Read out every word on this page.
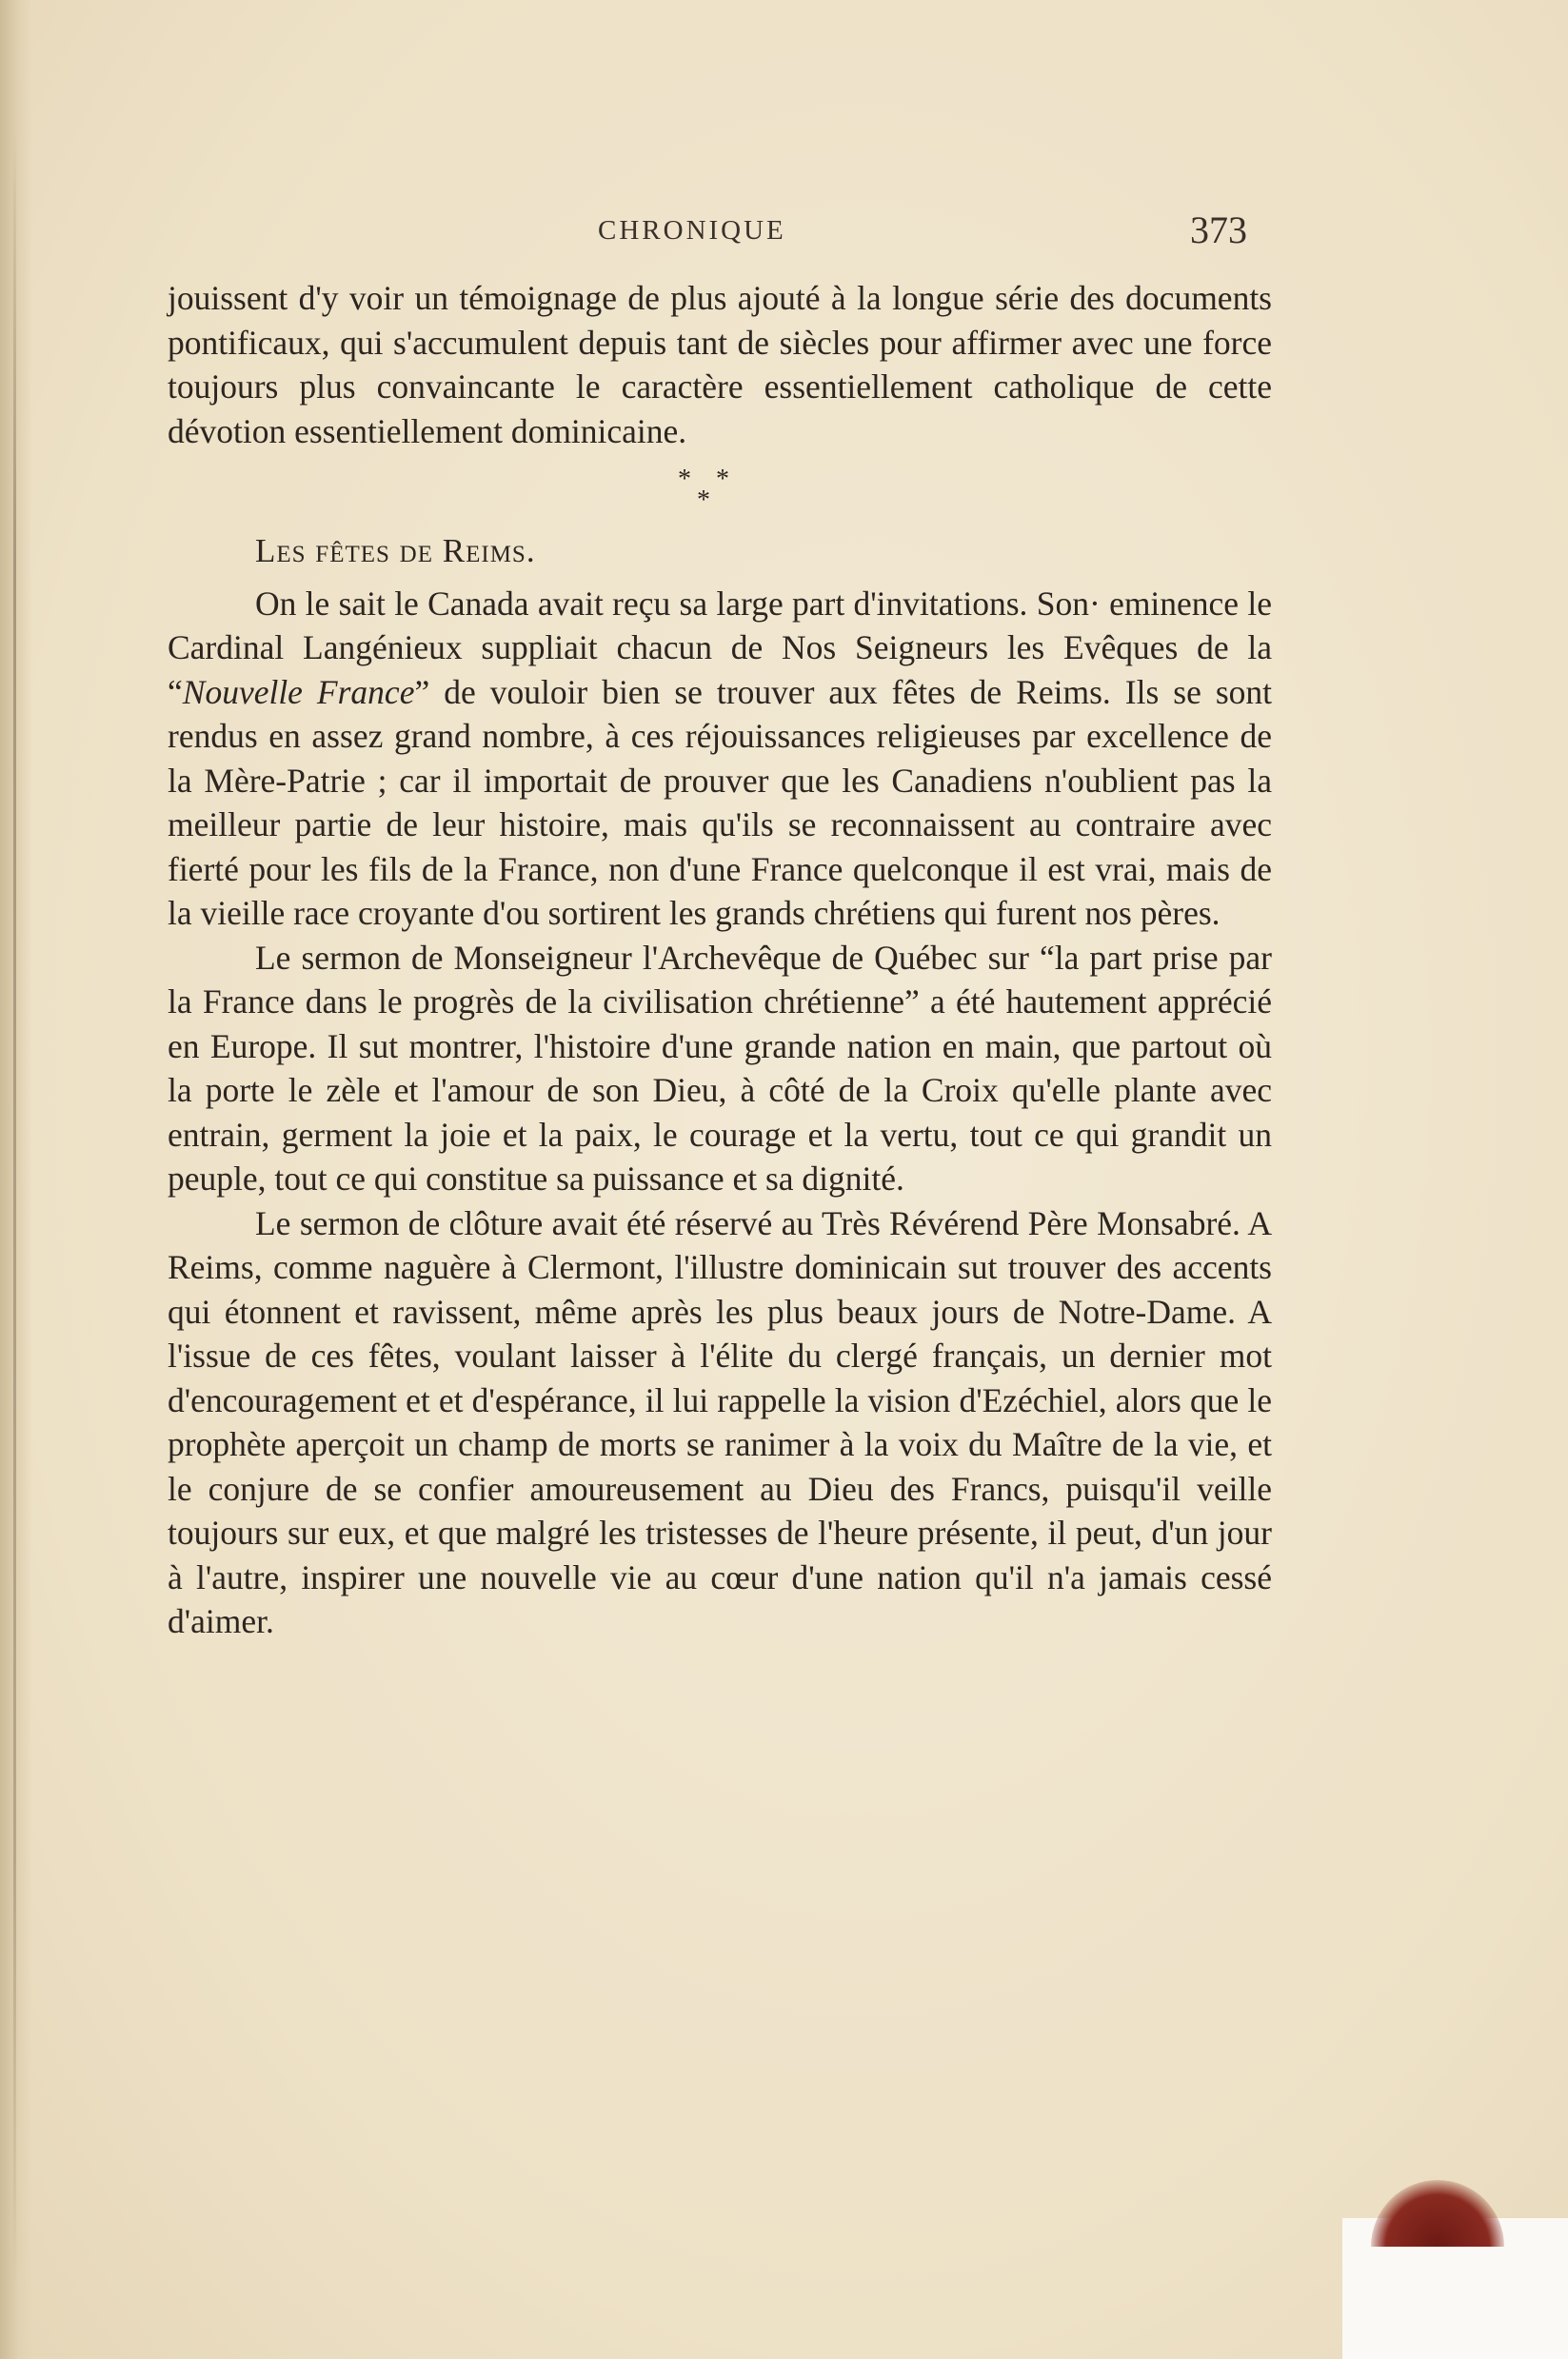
CHRONIQUE	373

jouissent d'y voir un témoignage de plus ajouté à la longue série des documents pontificaux, qui s'accumulent depuis tant de siècles pour affirmer avec une force toujours plus convaincante le caractère essentiellement catholique de cette dévotion essentiellement dominicaine.

* *
*
Les fêtes de Reims.

On le sait le Canada avait reçu sa large part d'invitations. Son· eminence le Cardinal Langénieux suppliait chacun de Nos Seigneurs les Evêques de la “Nouvelle France” de vouloir bien se trouver aux fêtes de Reims. Ils se sont rendus en assez grand nombre, à ces réjouissances religieuses par excellence de la Mère-Patrie ; car il importait de prouver que les Canadiens n'oublient pas la meilleur partie de leur histoire, mais qu'ils se reconnaissent au contraire avec fierté pour les fils de la France, non d'une France quelconque il est vrai, mais de la vieille race croyante d'ou sortirent les grands chrétiens qui furent nos pères.

Le sermon de Monseigneur l'Archevêque de Québec sur “la part prise par la France dans le progrès de la civilisation chrétienne” a été hautement apprécié en Europe. Il sut montrer, l'histoire d'une grande nation en main, que partout où la porte le zèle et l'amour de son Dieu, à côté de la Croix qu'elle plante avec entrain, germent la joie et la paix, le courage et la vertu, tout ce qui grandit un peuple, tout ce qui constitue sa puissance et sa dignité.

Le sermon de clôture avait été réservé au Très Révérend Père Monsabré. A Reims, comme naguère à Clermont, l'illustre dominicain sut trouver des accents qui étonnent et ravissent, même après les plus beaux jours de Notre-Dame. A l'issue de ces fêtes, voulant laisser à l'élite du clergé français, un dernier mot d'encouragement et et d'espérance, il lui rappelle la vision d'Ezéchiel, alors que le prophète aperçoit un champ de morts se ranimer à la voix du Maître de la vie, et le conjure de se confier amoureusement au Dieu des Francs, puisqu'il veille toujours sur eux, et que malgré les tristesses de l'heure présente, il peut, d'un jour à l'autre, inspirer une nouvelle vie au cœur d'une nation qu'il n'a jamais cessé d'aimer.
